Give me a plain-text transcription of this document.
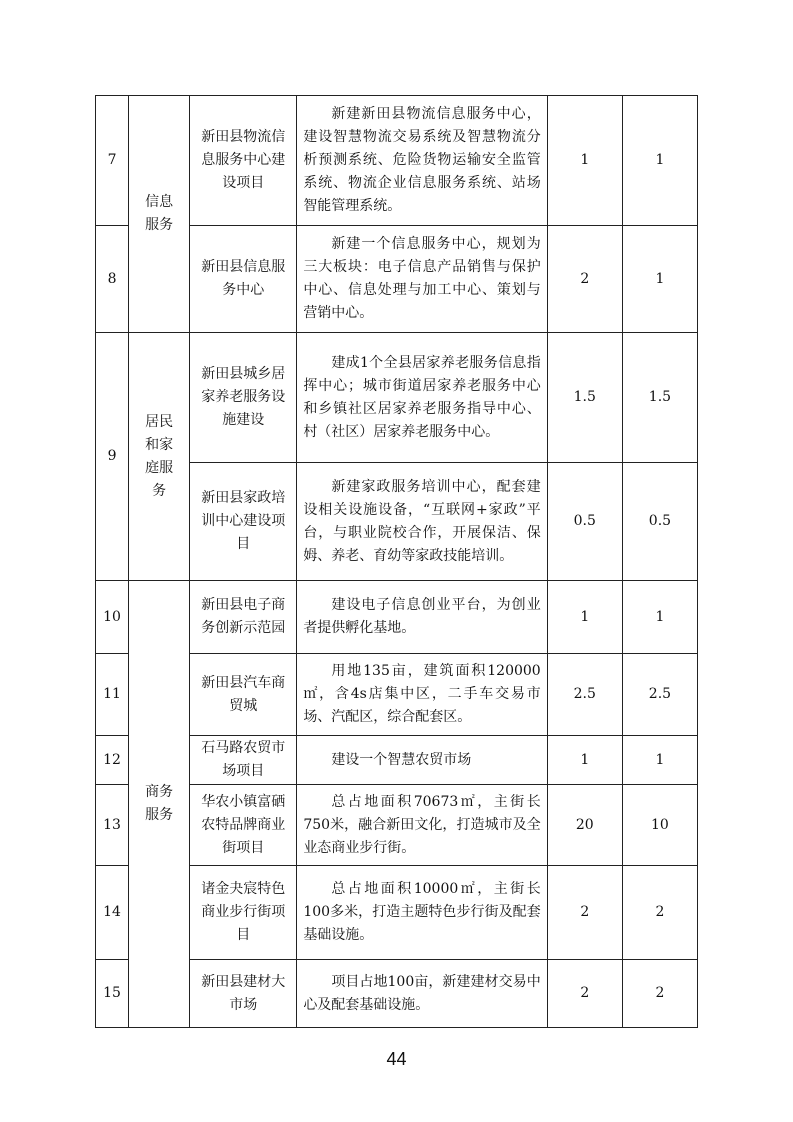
7	信息服务	新田县物流信息服务中心建设项目	新建新田县物流信息服务中心，建设智慧物流交易系统及智慧物流分析预测系统、危险货物运输安全监管系统、物流企业信息服务系统、站场智能管理系统。	1	1
8		新田县信息服务中心	新建一个信息服务中心，规划为三大板块：电子信息产品销售与保护中心、信息处理与加工中心、策划与营销中心。	2	1
9	居民和家庭服务	新田县城乡居家养老服务设施建设	建成1个全县居家养老服务信息指挥中心；城市街道居家养老服务中心和乡镇社区居家养老服务指导中心、村（社区）居家养老服务中心。	1.5	1.5
		新田县家政培训中心建设项目	新建家政服务培训中心，配套建设相关设施设备，“互联网+家政”平台，与职业院校合作，开展保洁、保姆、养老、育幼等家政技能培训。	0.5	0.5
10	商务服务	新田县电子商务创新示范园	建设电子信息创业平台，为创业者提供孵化基地。	1	1
11		新田县汽车商贸城	用地135亩，建筑面积120000㎡，含4s店集中区，二手车交易市场、汽配区，综合配套区。	2.5	2.5
12		石马路农贸市场项目	建设一个智慧农贸市场	1	1
13		华农小镇富硒农特品牌商业街项目	总占地面积70673㎡，主街长750米，融合新田文化，打造城市及全业态商业步行街。	20	10
14		诸金夬宸特色商业步行街项目	总占地面积10000㎡，主街长100多米，打造主题特色步行街及配套基础设施。	2	2
15		新田县建材大市场	项目占地100亩，新建建材交易中心及配套基础设施。	2	2
44
